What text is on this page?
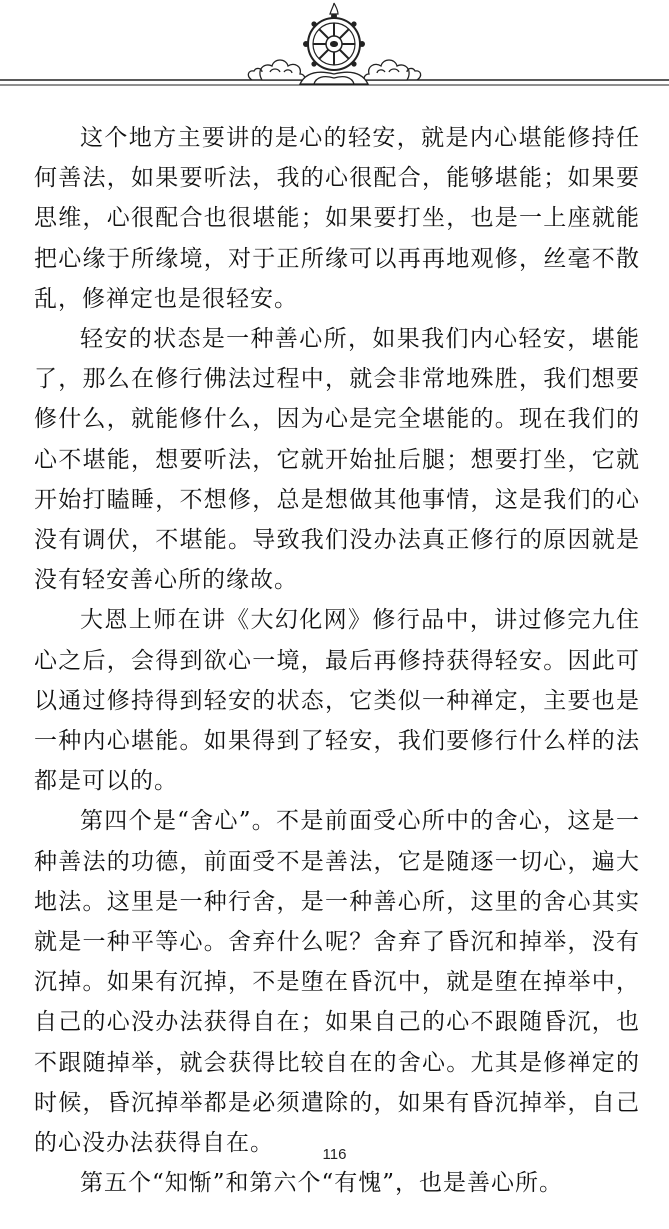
这个地方主要讲的是心的轻安，就是内心堪能修持任何善法，如果要听法，我的心很配合，能够堪能；如果要思维，心很配合也很堪能；如果要打坐，也是一上座就能把心缘于所缘境，对于正所缘可以再再地观修，丝毫不散乱，修禅定也是很轻安。

轻安的状态是一种善心所，如果我们内心轻安，堪能了，那么在修行佛法过程中，就会非常地殊胜，我们想要修什么，就能修什么，因为心是完全堪能的。现在我们的心不堪能，想要听法，它就开始扯后腿；想要打坐，它就开始打瞌睡，不想修，总是想做其他事情，这是我们的心没有调伏，不堪能。导致我们没办法真正修行的原因就是没有轻安善心所的缘故。

大恩上师在讲《大幻化网》修行品中，讲过修完九住心之后，会得到欲心一境，最后再修持获得轻安。因此可以通过修持得到轻安的状态，它类似一种禅定，主要也是一种内心堪能。如果得到了轻安，我们要修行什么样的法都是可以的。

第四个是“舍心”。不是前面受心所中的舍心，这是一种善法的功德，前面受不是善法，它是随逐一切心，遍大地法。这里是一种行舍，是一种善心所，这里的舍心其实就是一种平等心。舍弃什么呢？舍弃了昏沉和掉举，没有沉掉。如果有沉掉，不是堕在昏沉中，就是堕在掉举中，自己的心没办法获得自在；如果自己的心不跟随昏沉，也不跟随掉举，就会获得比较自在的舍心。尤其是修禅定的时候，昏沉掉举都是必须遣除的，如果有昏沉掉举，自己的心没办法获得自在。

第五个“知惭”和第六个“有愧”，也是善心所。

116
